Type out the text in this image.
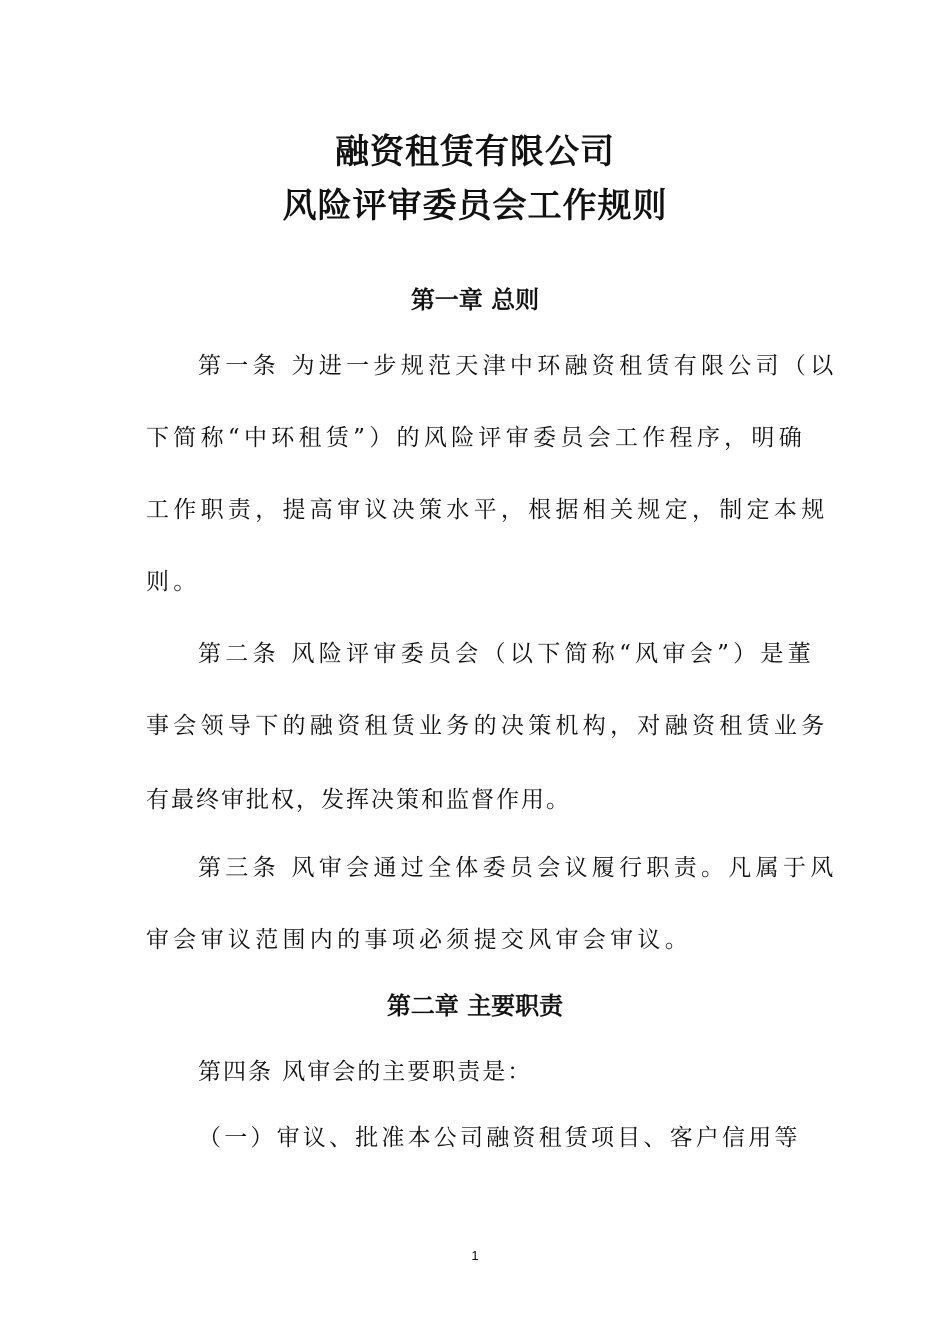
融资租赁有限公司
风险评审委员会工作规则
第一章 总则
第一条 为进一步规范天津中环融资租赁有限公司（以
下简称“中环租赁”）的风险评审委员会工作程序，明确
工作职责，提高审议决策水平，根据相关规定，制定本规
则。
第二条 风险评审委员会（以下简称“风审会”）是董
事会领导下的融资租赁业务的决策机构，对融资租赁业务
有最终审批权，发挥决策和监督作用。
第三条 风审会通过全体委员会议履行职责。凡属于风
审会审议范围内的事项必须提交风审会审议。
第二章 主要职责
第四条 风审会的主要职责是：
（一）审议、批准本公司融资租赁项目、客户信用等
1
